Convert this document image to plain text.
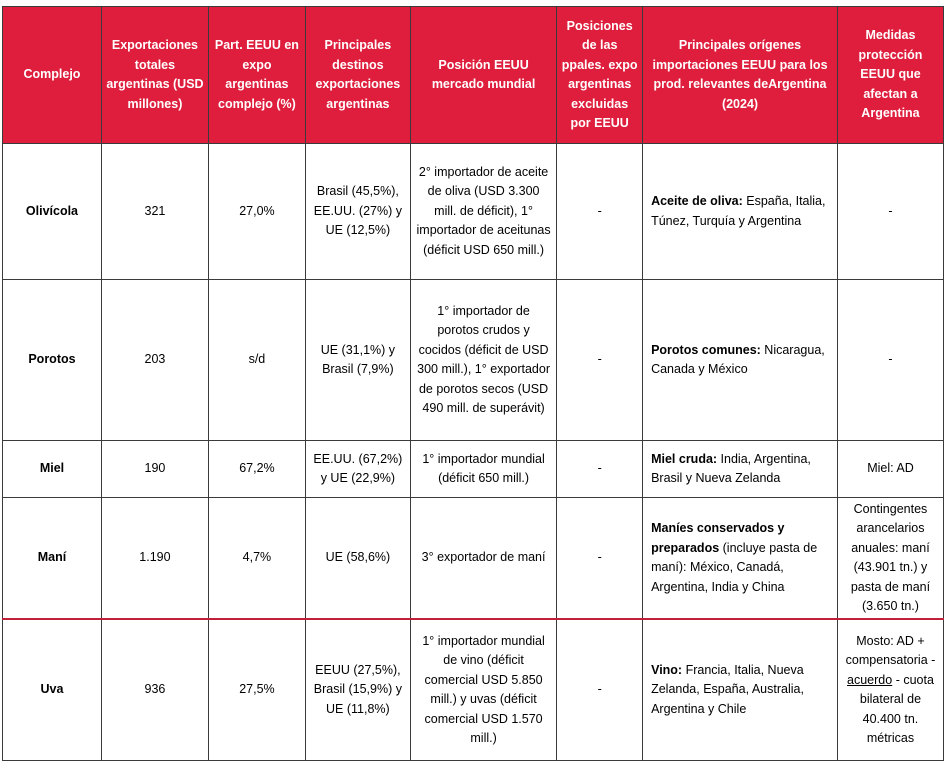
Complejo	Exportaciones totales argentinas (USD millones)	Part. EEUU en expo argentinas complejo (%)	Principales destinos exportaciones argentinas	Posición EEUU mercado mundial	Posiciones de las ppales. expo argentinas excluidas por EEUU	Principales orígenes importaciones EEUU para los prod. relevantes deArgentina (2024)	Medidas protección EEUU que afectan a Argentina
Olivícola	321	27,0%	Brasil (45,5%), EE.UU. (27%) y UE (12,5%)	2° importador de aceite de oliva (USD 3.300 mill. de déficit), 1° importador de aceitunas (déficit USD 650 mill.)	-	Aceite de oliva: España, Italia, Túnez, Turquía y Argentina	-
Porotos	203	s/d	UE (31,1%) y Brasil (7,9%)	1° importador de porotos crudos y cocidos (déficit de USD 300 mill.), 1° exportador de porotos secos (USD 490 mill. de superávit)	-	Porotos comunes: Nicaragua, Canada y México	-
Miel	190	67,2%	EE.UU. (67,2%) y UE (22,9%)	1° importador mundial (déficit 650 mill.)	-	Miel cruda: India, Argentina, Brasil y Nueva Zelanda	Miel: AD
Maní	1.190	4,7%	UE (58,6%)	3° exportador de maní	-	Maníes conservados y preparados (incluye pasta de maní): México, Canadá, Argentina, India y China	Contingentes arancelarios anuales: maní (43.901 tn.) y pasta de maní (3.650 tn.)
Uva	936	27,5%	EEUU (27,5%), Brasil (15,9%) y UE (11,8%)	1° importador mundial de vino (déficit comercial USD 5.850 mill.) y uvas (déficit comercial USD 1.570 mill.)	-	Vino: Francia, Italia, Nueva Zelanda, España, Australia, Argentina y Chile	Mosto: AD + compensatoria - acuerdo - cuota bilateral de 40.400 tn. métricas
